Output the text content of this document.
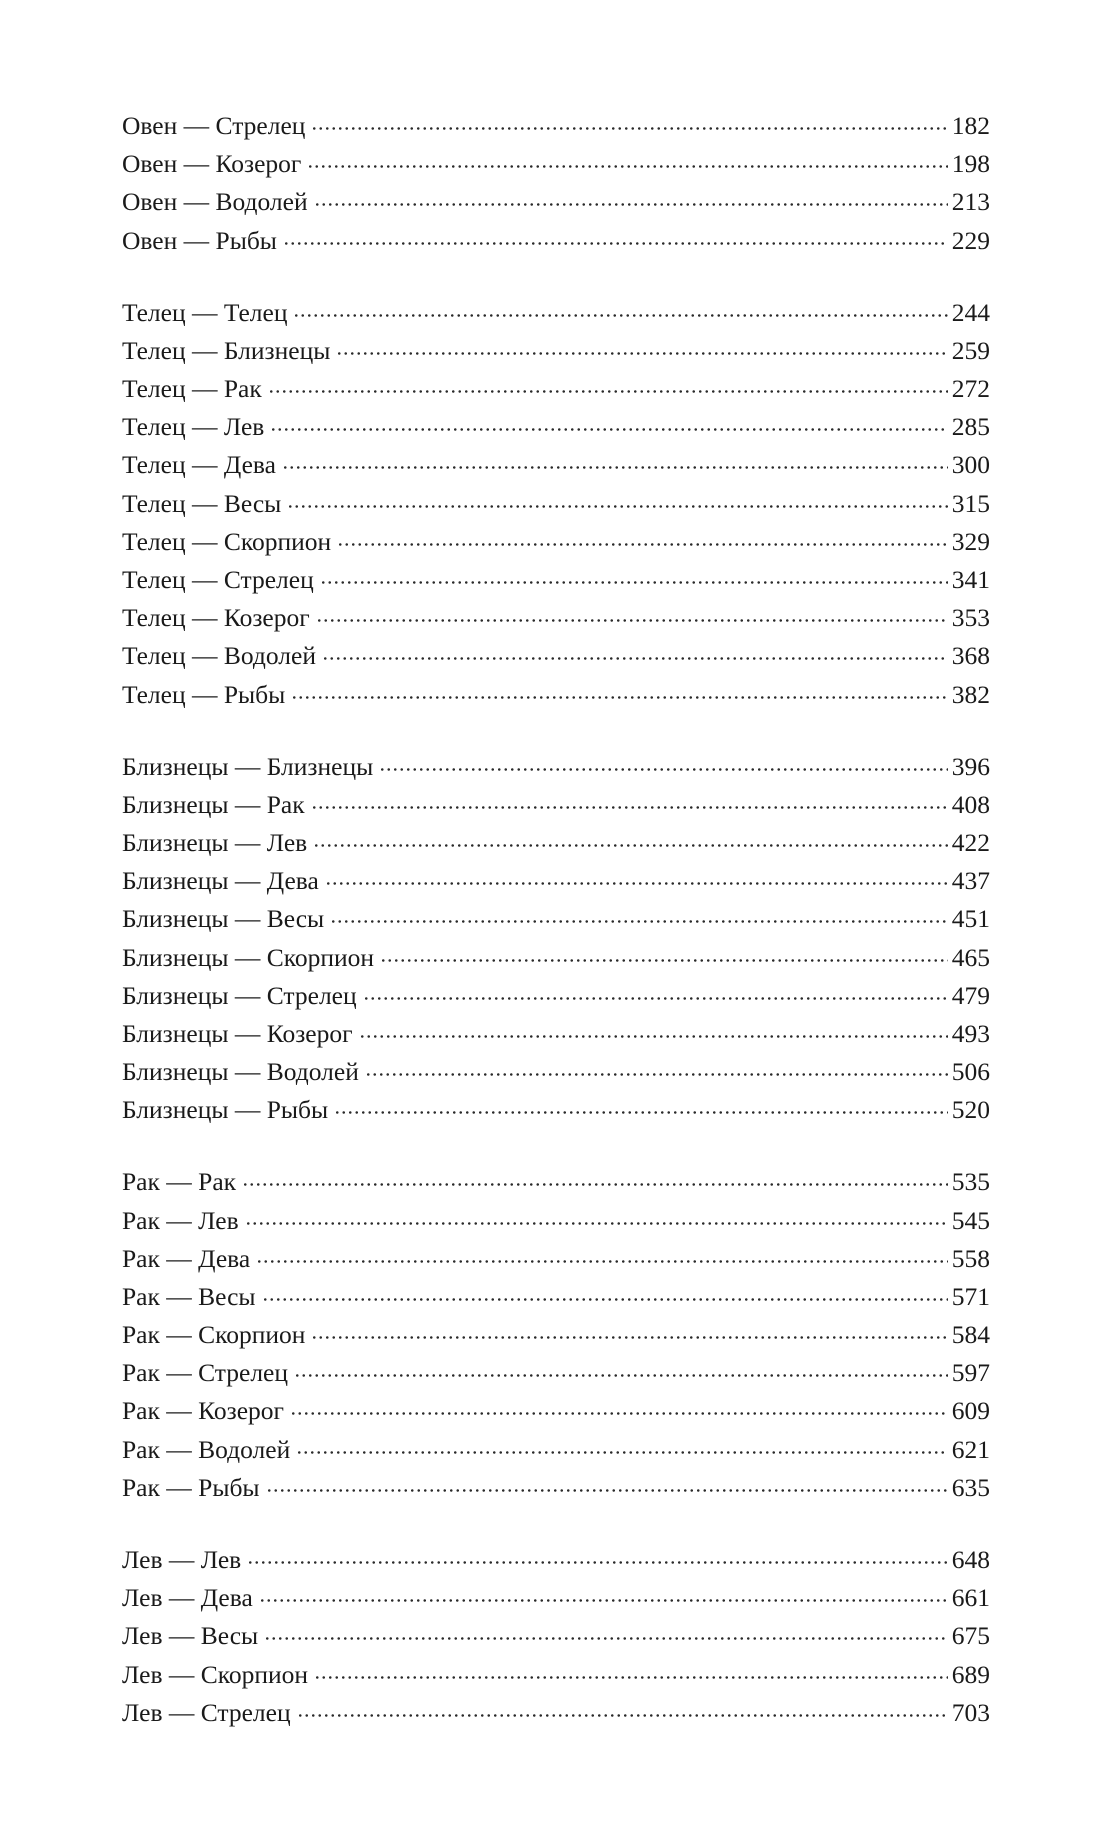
Овен — Стрелец	182
Овен — Козерог	198
Овен — Водолей	213
Овен — Рыбы	229
Телец — Телец	244
Телец — Близнецы	259
Телец — Рак	272
Телец — Лев	285
Телец — Дева	300
Телец — Весы	315
Телец — Скорпион	329
Телец — Стрелец	341
Телец — Козерог	353
Телец — Водолей	368
Телец — Рыбы	382
Близнецы — Близнецы	396
Близнецы — Рак	408
Близнецы — Лев	422
Близнецы — Дева	437
Близнецы — Весы	451
Близнецы — Скорпион	465
Близнецы — Стрелец	479
Близнецы — Козерог	493
Близнецы — Водолей	506
Близнецы — Рыбы	520
Рак — Рак	535
Рак — Лев	545
Рак — Дева	558
Рак — Весы	571
Рак — Скорпион	584
Рак — Стрелец	597
Рак — Козерог	609
Рак — Водолей	621
Рак — Рыбы	635
Лев — Лев	648
Лев — Дева	661
Лев — Весы	675
Лев — Скорпион	689
Лев — Стрелец	703
